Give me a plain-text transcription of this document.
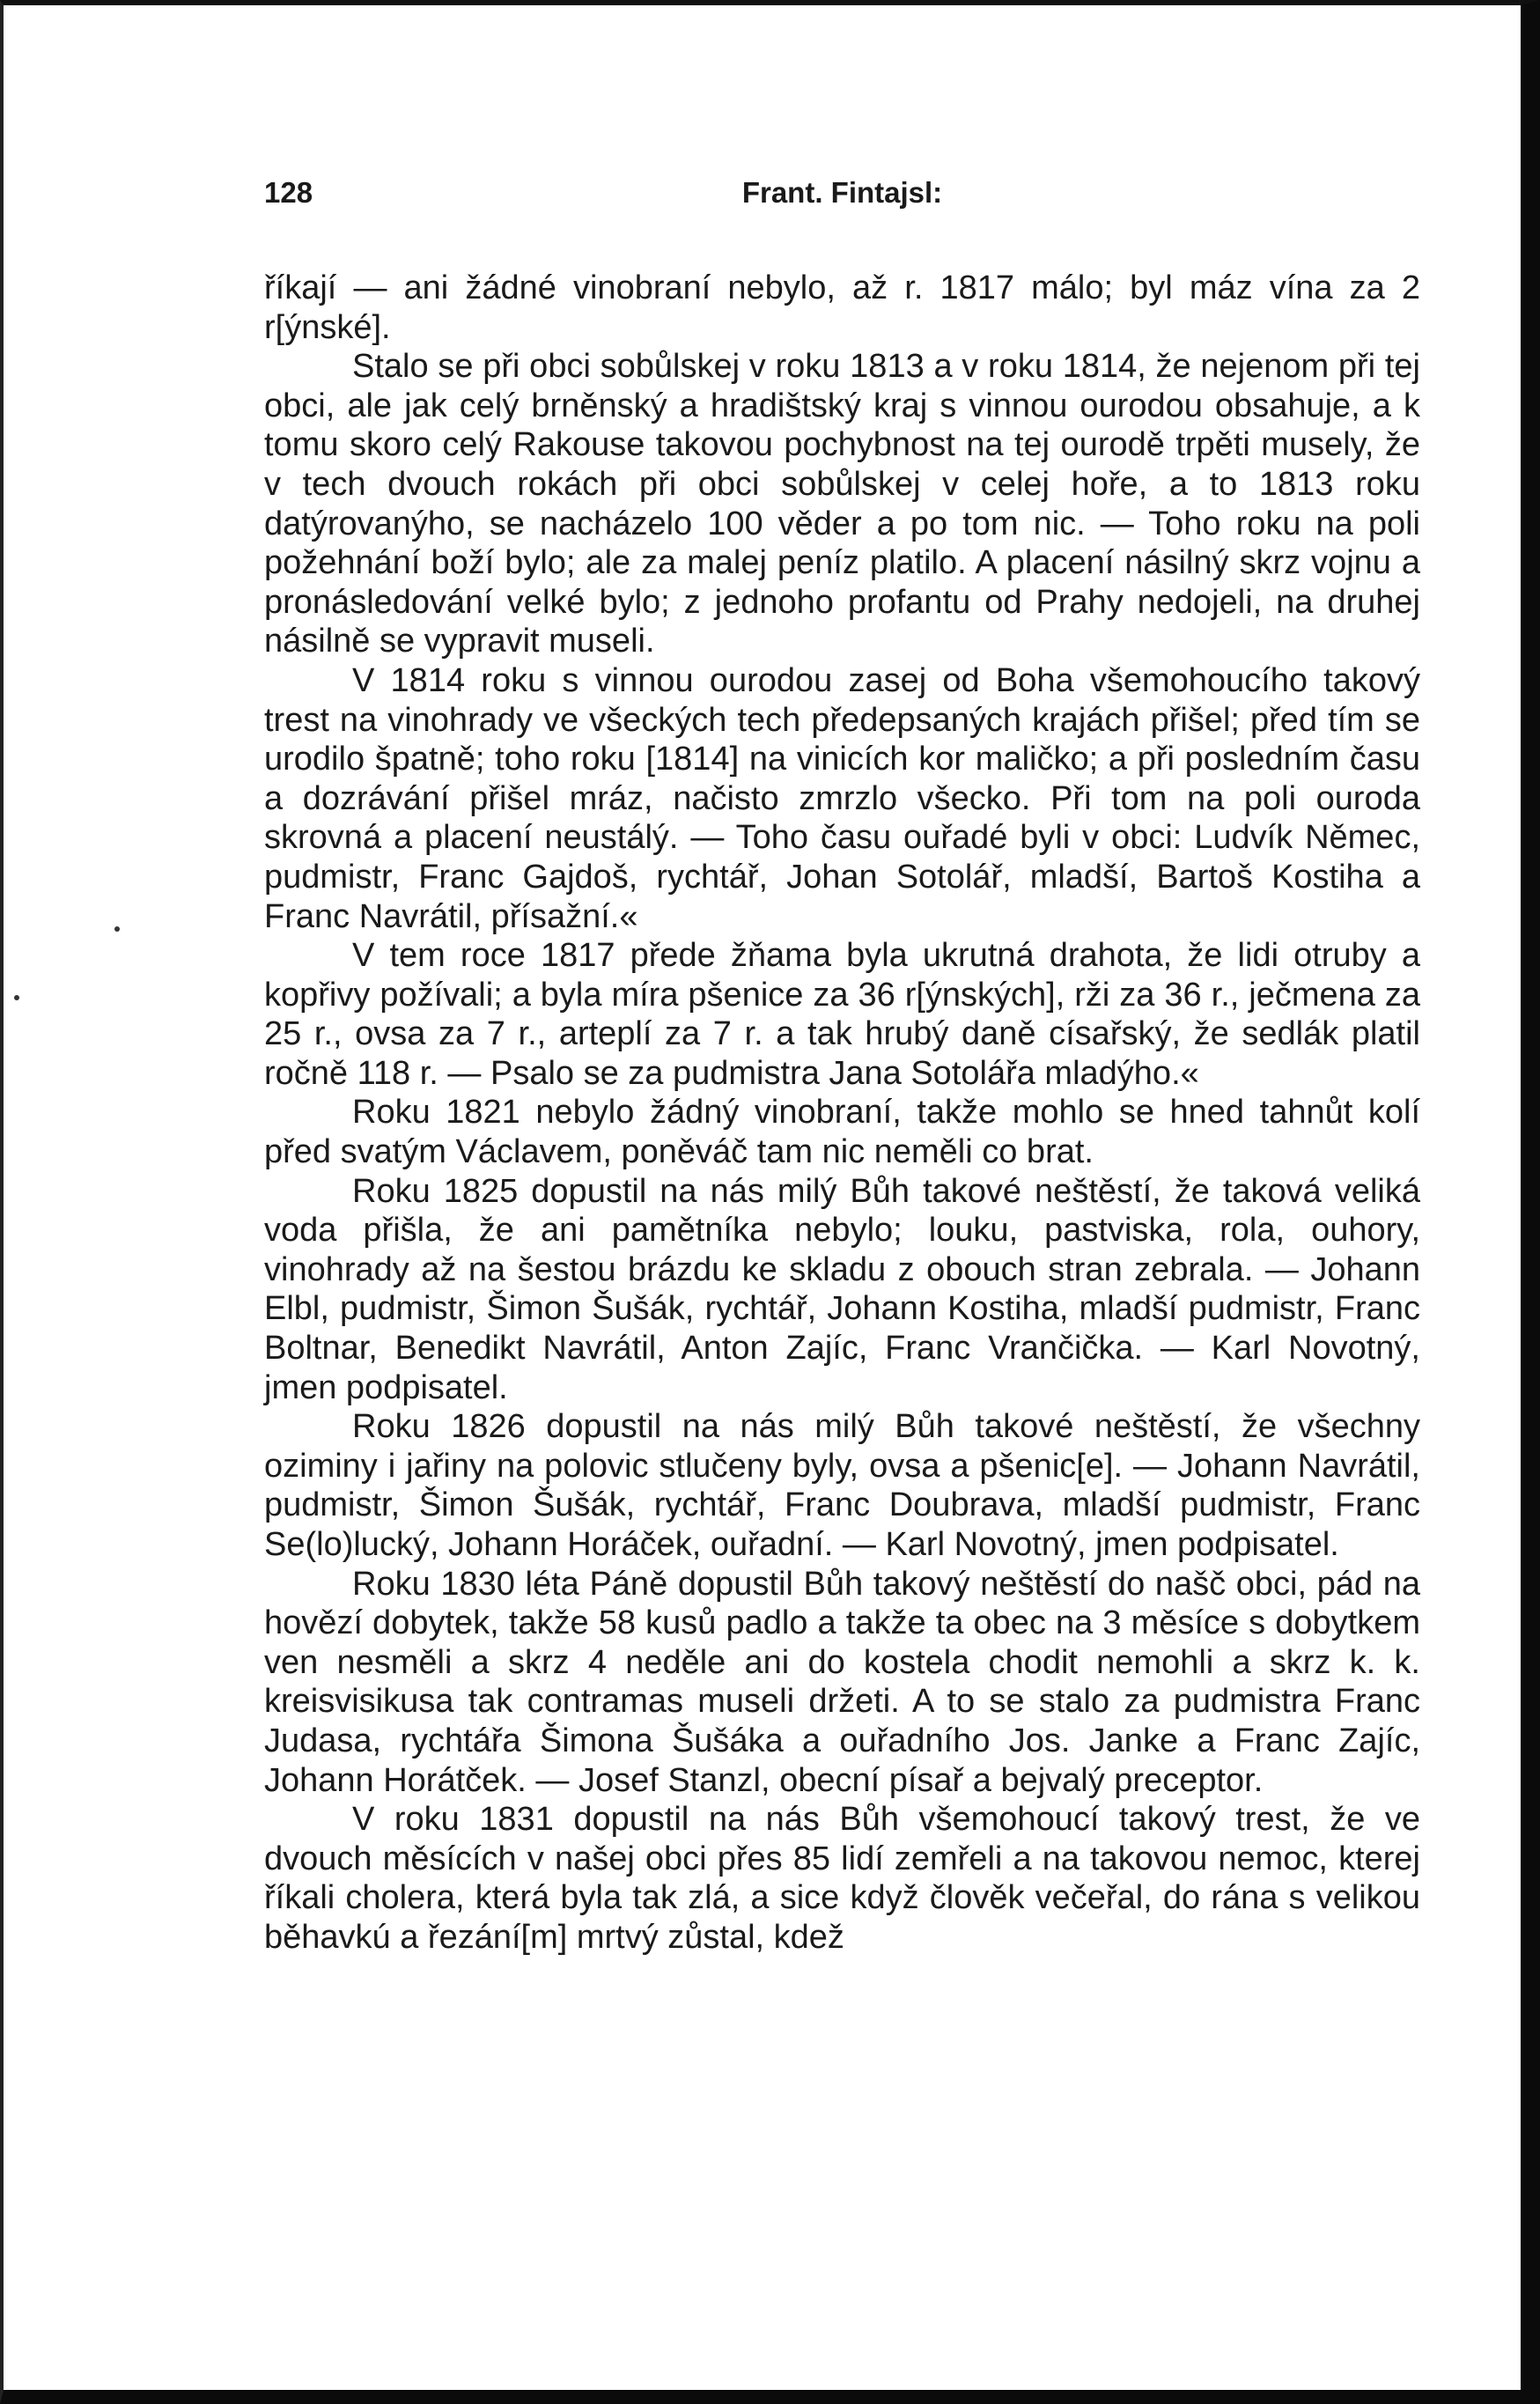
128	Frant. Fintajsl:

říkají — ani žádné vinobraní nebylo, až r. 1817 málo; byl máz vína za 2 r[ýnské].

Stalo se při obci sobůlskej v roku 1813 a v roku 1814, že nejenom při tej obci, ale jak celý brněnský a hradištský kraj s vinnou ourodou obsahuje, a k tomu skoro celý Rakouse takovou pochybnost na tej ourodě trpěti musely, že v tech dvouch rokách při obci sobůlskej v celej hoře, a to 1813 roku datýrovanýho, se nacházelo 100 věder a po tom nic. — Toho roku na poli požehnání boží bylo; ale za malej peníz platilo. A placení násilný skrz vojnu a pronásledování velké bylo; z jednoho profantu od Prahy nedojeli, na druhej násilně se vypravit museli.

V 1814 roku s vinnou ourodou zasej od Boha všemohoucího takový trest na vinohrady ve všeckých tech předepsaných krajách přišel; před tím se urodilo špatně; toho roku [1814] na vinicích kor maličko; a při posledním času a dozrávání přišel mráz, načisto zmrzlo všecko. Při tom na poli ouroda skrovná a placení neustálý. — Toho času ouřadé byli v obci: Ludvík Němec, pudmistr, Franc Gajdoš, rychtář, Johan Sotolář, mladší, Bartoš Kostiha a Franc Navrátil, přísažní.«

V tem roce 1817 přede žňama byla ukrutná drahota, že lidi otruby a kopřivy požívali; a byla míra pšenice za 36 r[ýnských], rži za 36 r., ječmena za 25 r., ovsa za 7 r., arteplí za 7 r. a tak hrubý daně císařský, že sedlák platil ročně 118 r. — Psalo se za pudmistra Jana Sotolářa mladýho.«

Roku 1821 nebylo žádný vinobraní, takže mohlo se hned tahnůt kolí před svatým Václavem, poněváč tam nic neměli co brat.

Roku 1825 dopustil na nás milý Bůh takové neštěstí, že taková veliká voda přišla, že ani pamětníka nebylo; louku, pastviska, rola, ouhory, vinohrady až na šestou brázdu ke skladu z obouch stran zebrala. — Johann Elbl, pudmistr, Šimon Šušák, rychtář, Johann Kostiha, mladší pudmistr, Franc Boltnar, Benedikt Navrátil, Anton Zajíc, Franc Vrančička. — Karl Novotný, jmen podpisatel.

Roku 1826 dopustil na nás milý Bůh takové neštěstí, že všechny oziminy i jařiny na polovic stlučeny byly, ovsa a pšenic[e]. — Johann Navrátil, pudmistr, Šimon Šušák, rychtář, Franc Doubrava, mladší pudmistr, Franc Se(lo)lucký, Johann Horáček, ouřadní. — Karl Novotný, jmen podpisatel.

Roku 1830 léta Páně dopustil Bůh takový neštěstí do našč obci, pád na hovězí dobytek, takže 58 kusů padlo a takže ta obec na 3 měsíce s dobytkem ven nesměli a skrz 4 neděle ani do kostela chodit nemohli a skrz k. k. kreisvisikusa tak contramas museli držeti. A to se stalo za pudmistra Franc Judasa, rychtářa Šimona Šušáka a ouřadního Jos. Janke a Franc Zajíc, Johann Horátček. — Josef Stanzl, obecní písař a bejvalý preceptor.

V roku 1831 dopustil na nás Bůh všemohoucí takový trest, že ve dvouch měsících v našej obci přes 85 lidí zemřeli a na takovou nemoc, kterej říkali cholera, která byla tak zlá, a sice když člověk večeřal, do rána s velikou běhavkú a řezání[m] mrtvý zůstal, kdež
